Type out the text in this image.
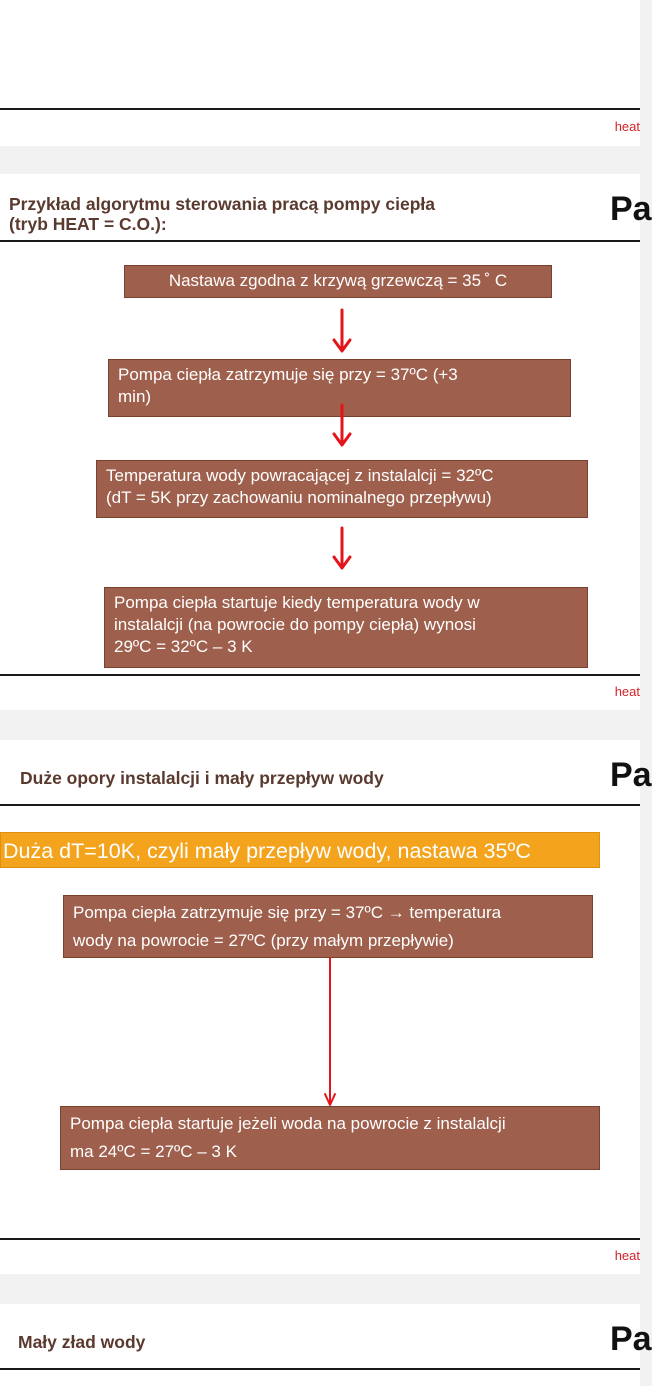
heat
Przykład algorytmu sterowania pracą pompy ciepła
(tryb HEAT = C.O.):	Pa
Nastawa zgodna z krzywą grzewczą = 35 ˚ C
Pompa ciepła zatrzymuje się przy = 37ºC (+3
min)
Temperatura wody powracającej z instalalcji = 32ºC
(dT = 5K przy zachowaniu nominalnego przepływu)
Pompa ciepła startuje kiedy temperatura wody w
instalalcji (na powrocie do pompy ciepła) wynosi
29ºC = 32ºC – 3 K
heat
Duże opory instalalcji i mały przepływ wody	Pa
Duża dT=10K, czyli mały przepływ wody, nastawa 35ºC
Pompa ciepła zatrzymuje się przy = 37ºC → temperatura
wody na powrocie = 27ºC (przy małym przepływie)
Pompa ciepła startuje jeżeli woda na powrocie z instalalcji
ma 24ºC = 27ºC – 3 K
heat
Mały zład wody	Pa
